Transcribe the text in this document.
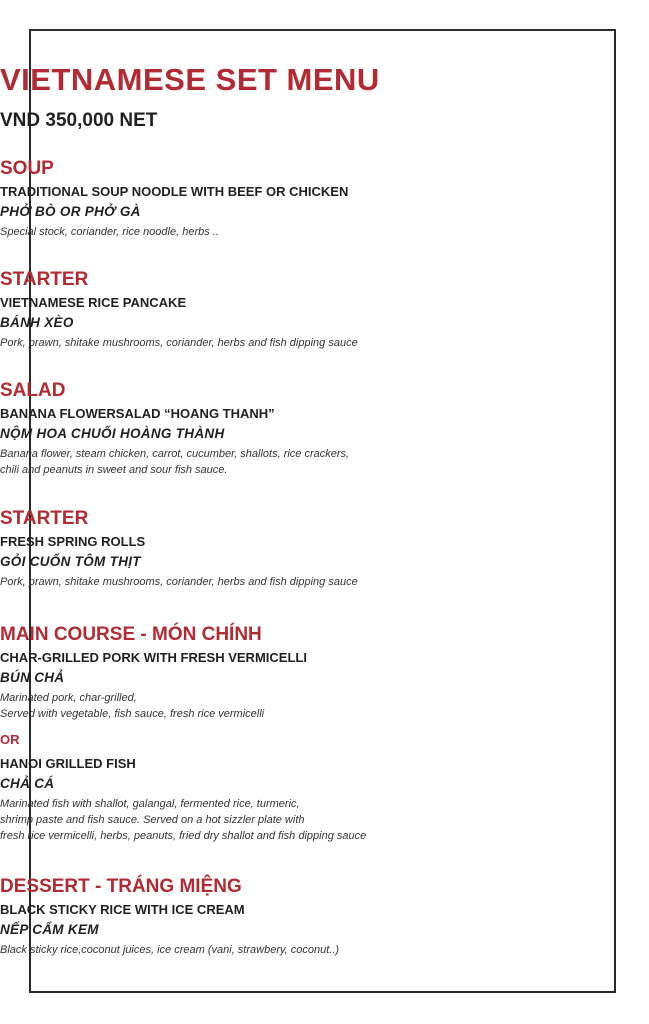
VIETNAMESE SET MENU
VND 350,000 NET
SOUP
TRADITIONAL SOUP NOODLE WITH BEEF OR CHICKEN
PHỞ BÒ OR PHỞ GÀ
Special stock, coriander, rice noodle, herbs ..
STARTER
VIETNAMESE RICE PANCAKE
BÁNH XÈO
Pork, prawn, shitake mushrooms, coriander, herbs and fish dipping sauce
SALAD
BANANA FLOWERSALAD “HOANG THANH”
NỘM HOA CHUỐI HOÀNG THÀNH
Banana flower, steam chicken, carrot, cucumber, shallots, rice crackers,
chili and peanuts in sweet and sour fish sauce.
STARTER
FRESH SPRING ROLLS
GỎI CUỐN TÔM THỊT
Pork, prawn, shitake mushrooms, coriander, herbs and fish dipping sauce
MAIN COURSE - MÓN CHÍNH
CHAR-GRILLED PORK WITH FRESH VERMICELLI
BÚN CHẢ
Marinated pork, char-grilled,
Served with vegetable, fish sauce, fresh rice vermicelli
OR
HANOI GRILLED FISH
CHẢ CÁ
Marinated fish with shallot, galangal, fermented rice, turmeric,
shrimp paste and fish sauce. Served on a hot sizzler plate with
fresh rice vermicelli, herbs, peanuts, fried dry shallot and fish dipping sauce
DESSERT - TRÁNG MIỆNG
BLACK STICKY RICE WITH ICE CREAM
NẾP CẨM KEM
Black sticky rice,coconut juices, ice cream (vani, strawbery, coconut..)
